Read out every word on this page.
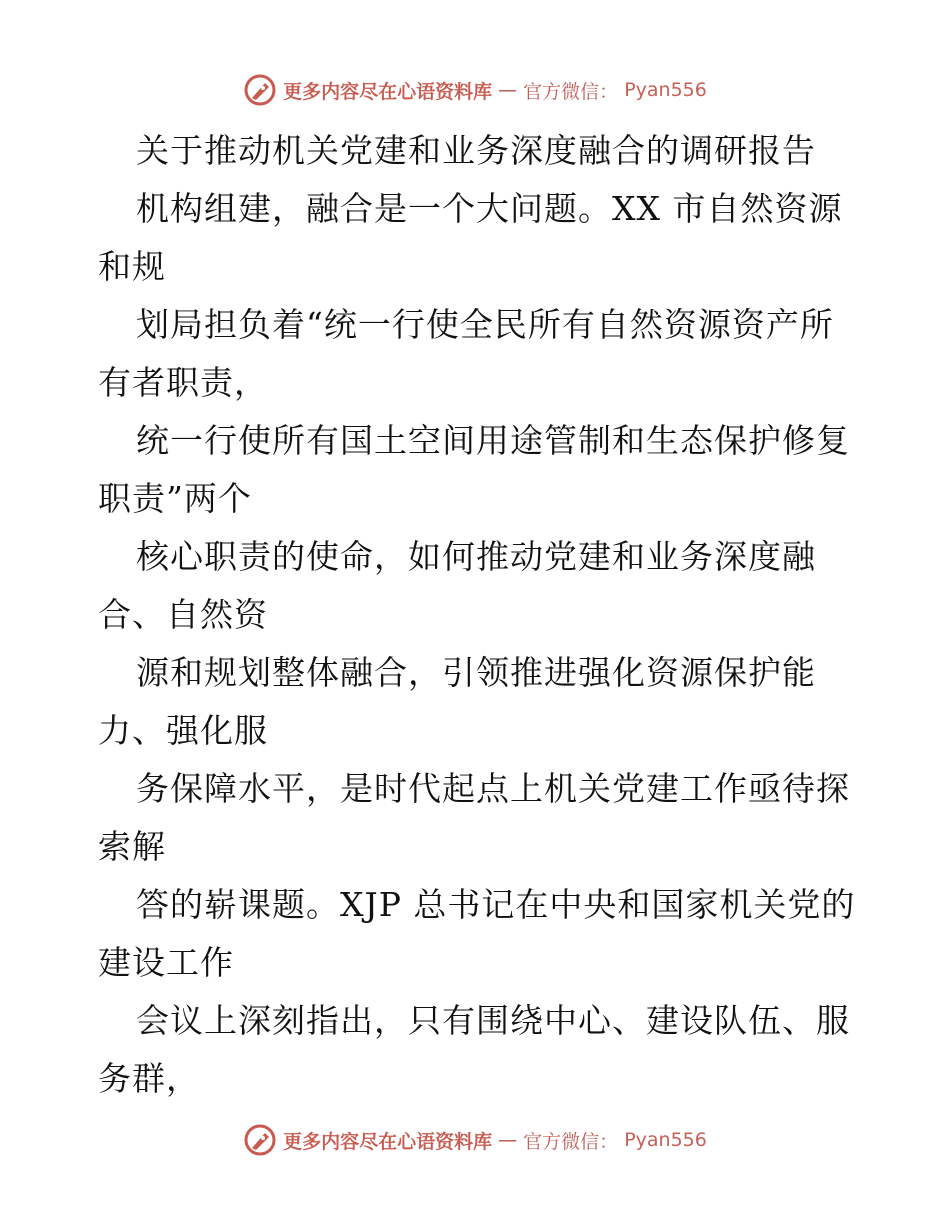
更多内容尽在心语资料库 — 官方微信： Pyan556
关于推动机关党建和业务深度融合的调研报告
机构组建，融合是一个大问题。XX 市自然资源
和规
划局担负着“统一行使全民所有自然资源资产所
有者职责，
统一行使所有国土空间用途管制和生态保护修复
职责”两个
核心职责的使命，如何推动党建和业务深度融
合、自然资
源和规划整体融合，引领推进强化资源保护能
力、强化服
务保障水平，是时代起点上机关党建工作亟待探
索解
答的崭课题。XJP 总书记在中央和国家机关党的
建设工作
会议上深刻指出，只有围绕中心、建设队伍、服
务群，
更多内容尽在心语资料库 — 官方微信： Pyan556
